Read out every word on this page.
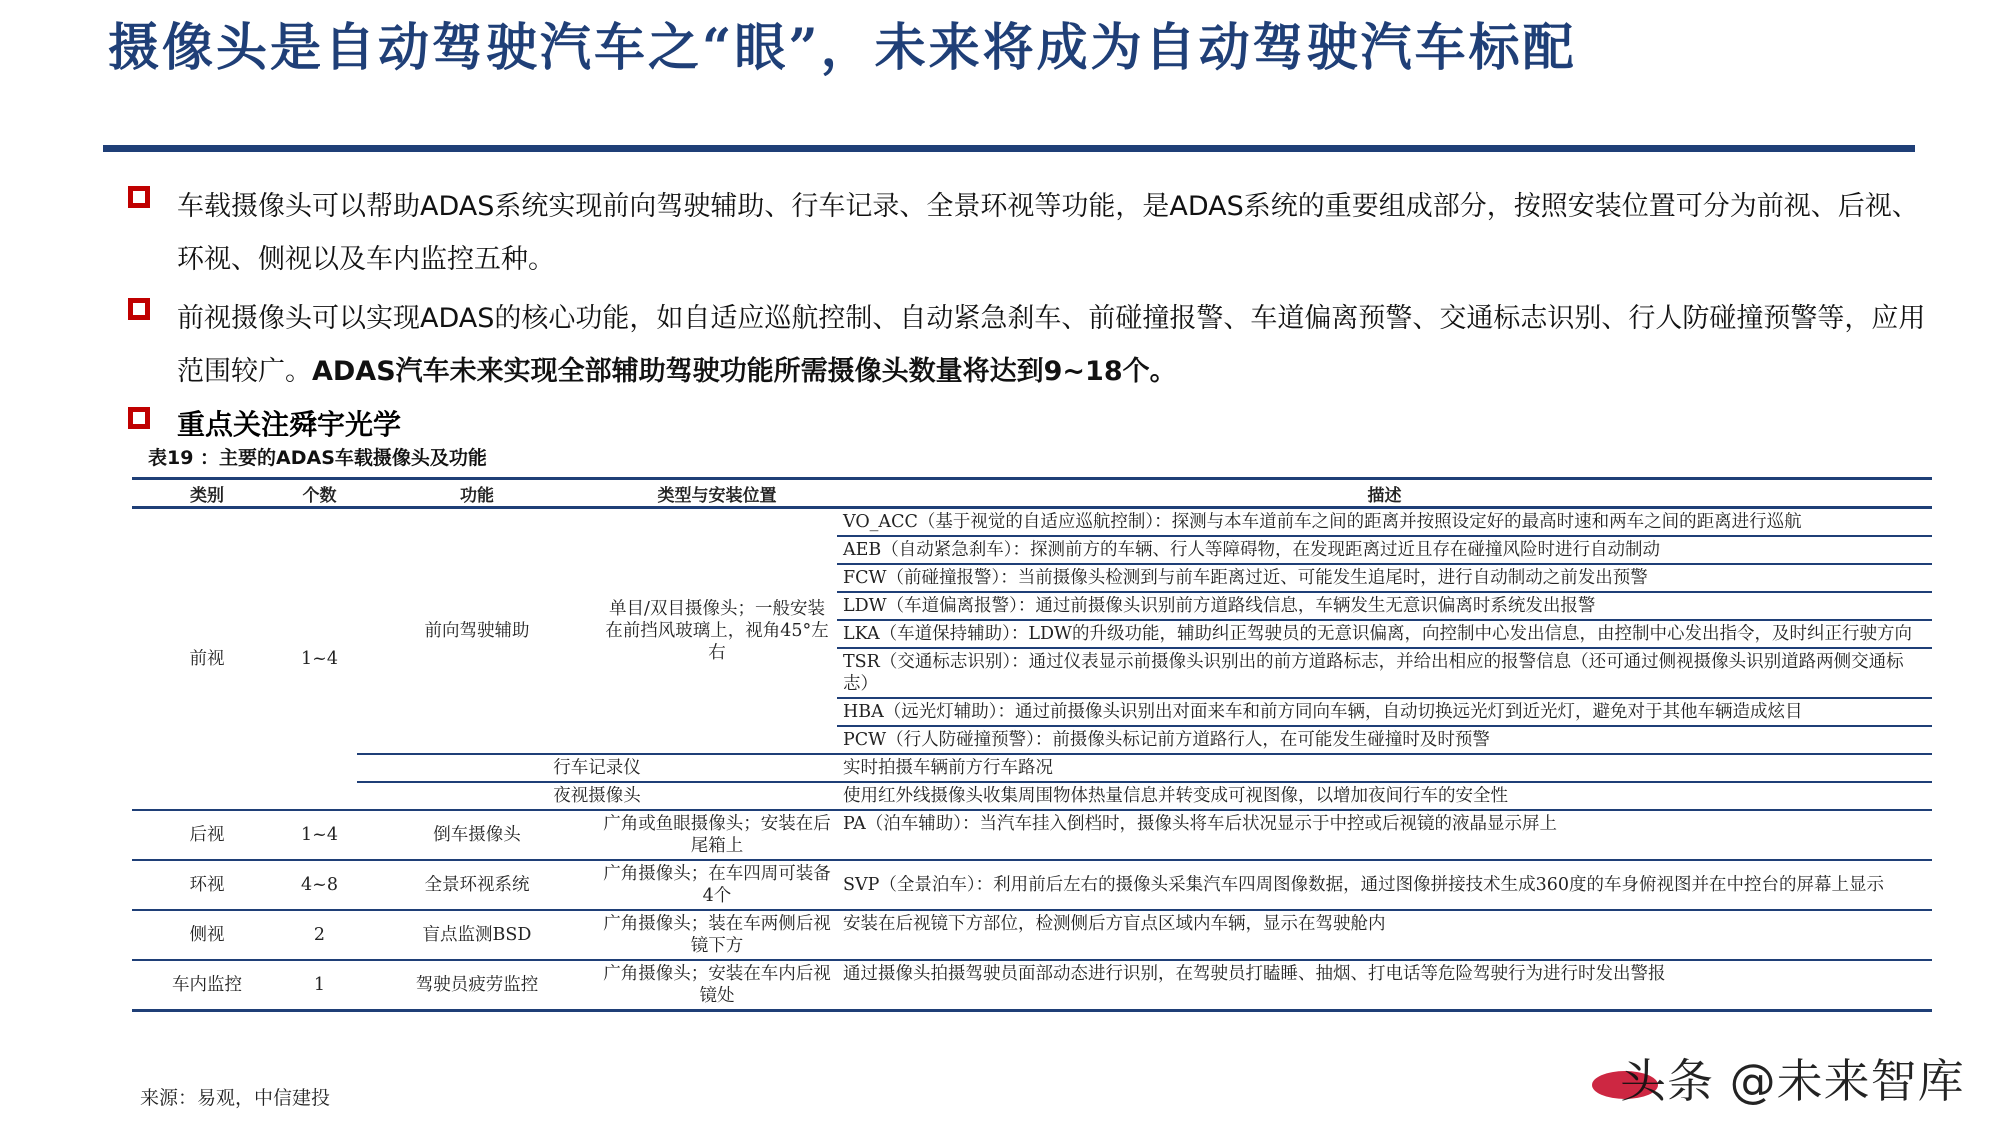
摄像头是自动驾驶汽车之“眼”，未来将成为自动驾驶汽车标配
车载摄像头可以帮助ADAS系统实现前向驾驶辅助、行车记录、全景环视等功能，是ADAS系统的重要组成部分，按照安装位置可分为前视、后视、环视、侧视以及车内监控五种。
前视摄像头可以实现ADAS的核心功能，如自适应巡航控制、自动紧急刹车、前碰撞报警、车道偏离预警、交通标志识别、行人防碰撞预警等，应用范围较广。ADAS汽车未来实现全部辅助驾驶功能所需摄像头数量将达到9~18个。
重点关注舜宇光学
表19 ：主要的ADAS车载摄像头及功能
类别	个数	功能	类型与安装位置	描述
前视	1~4	前向驾驶辅助	单目/双目摄像头；一般安装在前挡风玻璃上，视角45°左右	VO_ACC（基于视觉的自适应巡航控制）：探测与本车道前车之间的距离并按照设定好的最高时速和两车之间的距离进行巡航
				AEB（自动紧急刹车）：探测前方的车辆、行人等障碍物，在发现距离过近且存在碰撞风险时进行自动制动
				FCW（前碰撞报警）：当前摄像头检测到与前车距离过近、可能发生追尾时，进行自动制动之前发出预警
				LDW（车道偏离报警）：通过前摄像头识别前方道路线信息，车辆发生无意识偏离时系统发出报警
				LKA（车道保持辅助）：LDW的升级功能，辅助纠正驾驶员的无意识偏离，向控制中心发出信息，由控制中心发出指令，及时纠正行驶方向
				TSR（交通标志识别）：通过仪表显示前摄像头识别出的前方道路标志，并给出相应的报警信息（还可通过侧视摄像头识别道路两侧交通标志）
				HBA（远光灯辅助）：通过前摄像头识别出对面来车和前方同向车辆，自动切换远光灯到近光灯，避免对于其他车辆造成炫目
				PCW（行人防碰撞预警）：前摄像头标记前方道路行人，在可能发生碰撞时及时预警
		行车记录仪		实时拍摄车辆前方行车路况
		夜视摄像头		使用红外线摄像头收集周围物体热量信息并转变成可视图像，以增加夜间行车的安全性
后视	1~4	倒车摄像头	广角或鱼眼摄像头；安装在后尾箱上	PA（泊车辅助）：当汽车挂入倒档时，摄像头将车后状况显示于中控或后视镜的液晶显示屏上
环视	4~8	全景环视系统	广角摄像头；在车四周可装备4个	SVP（全景泊车）：利用前后左右的摄像头采集汽车四周图像数据，通过图像拼接技术生成360度的车身俯视图并在中控台的屏幕上显示
侧视	2	盲点监测BSD	广角摄像头；装在车两侧后视镜下方	安装在后视镜下方部位，检测侧后方盲点区域内车辆，显示在驾驶舱内
车内监控	1	驾驶员疲劳监控	广角摄像头；安装在车内后视镜处	通过摄像头拍摄驾驶员面部动态进行识别，在驾驶员打瞌睡、抽烟、打电话等危险驾驶行为进行时发出警报
来源：易观，中信建投	头条 @未来智库
